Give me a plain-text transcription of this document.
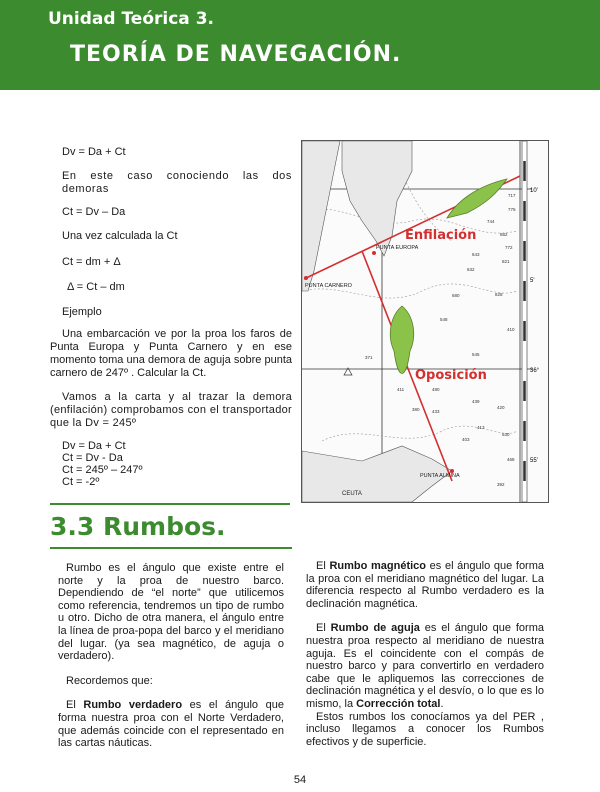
Unidad Teórica 3.
TEORÍA DE NAVEGACIÓN.
Dv = Da + Ct

En este caso conociendo las dos demoras

Ct = Dv – Da
Una vez calculada la Ct
Ct = dm + Δ
Δ = Ct – dm
Ejemplo

Una embarcación ve por la proa los faros de Punta Europa y Punta Carnero y en ese momento toma una demora de aguja sobre punta carnero de 247º . Calcular la Ct.

Vamos a la carta y al trazar la demora (enfilación) comprobamos con el transportador que la Dv = 245º

Dv = Da + Ct
Ct = Dv - Da
Ct = 245º – 247º
Ct = -2º
10'
5'
36°
55'
Enfilación
Oposición
PUNTA EUROPA
PUNTA CARNERO
PUNTA ALMINA
CEUTA
776
717
744
882
772
643
821
632
828
680
410
371
548
411
545
480
439
433
420
413
530
403
380
468
392
3.3 Rumbos.

Rumbo es el ángulo que existe entre el norte y la proa de nuestro barco. Dependiendo de “el norte” que utilicemos como referencia, tendremos un tipo de rumbo u otro. Dicho de otra manera, el ángulo entre la línea de proa-popa del barco y el meridiano del lugar. (ya sea magnético, de aguja o verdadero).

Recordemos que:

El Rumbo verdadero es el ángulo que forma nuestra proa con el Norte Verdadero, que además coincide con el representado en las cartas náuticas.

El Rumbo magnético es el ángulo que forma la proa con el meridiano magnético del lugar. La diferencia respecto al Rumbo verdadero es la declinación magnética.

El Rumbo de aguja es el ángulo que forma nuestra proa respecto al meridiano de nuestra aguja. Es el coincidente con el compás de nuestro barco y para convertirlo en verdadero cabe que le apliquemos las correcciones de declinación magnética y el desvío, o lo que es lo mismo, la Corrección total.

Estos rumbos los conocíamos ya del PER , incluso llegamos a conocer los Rumbos efectivos y de superficie.

54
